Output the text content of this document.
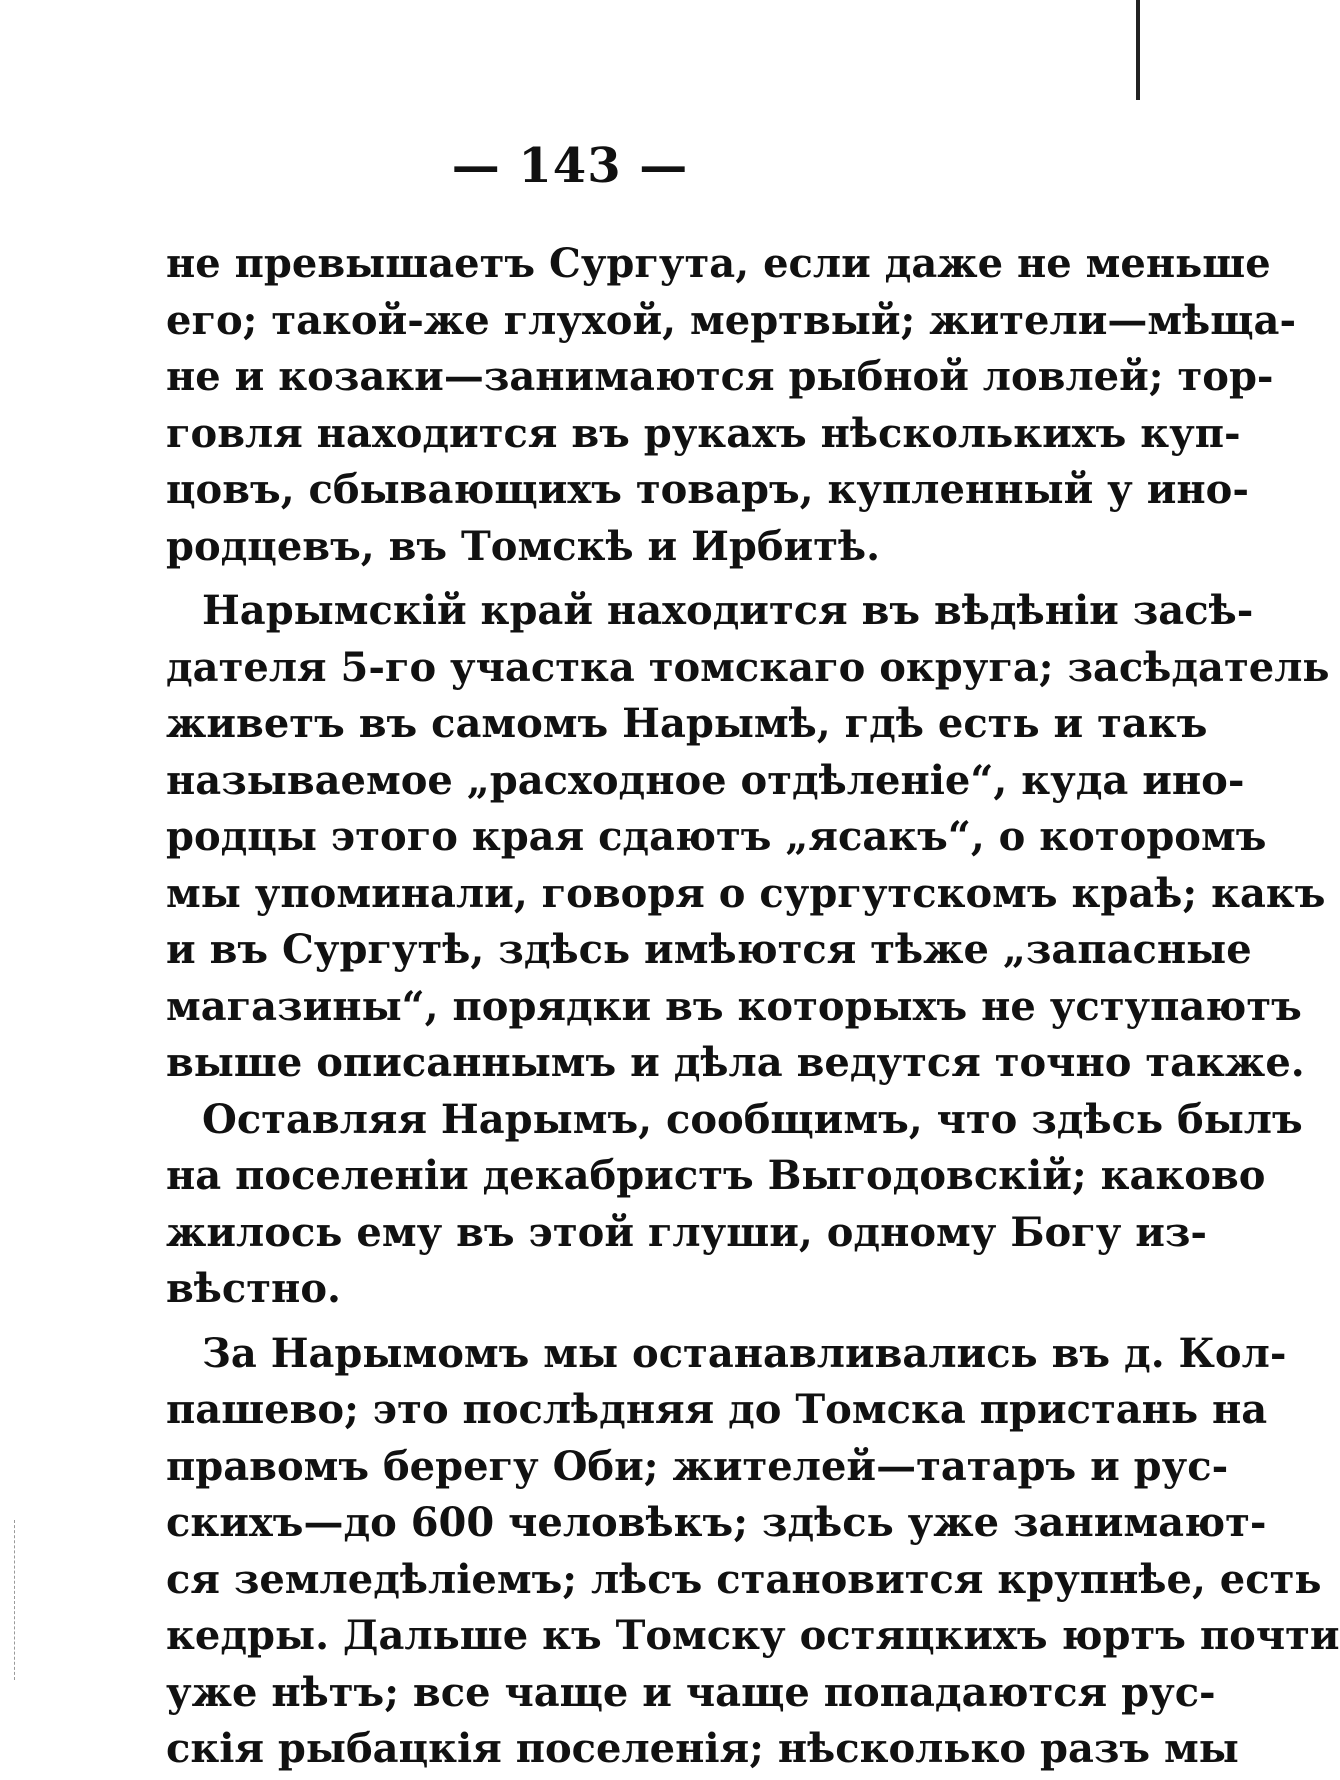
— 143 —
не превышаетъ Сургута, если даже не меньше
его; такой-же глухой, мертвый; жители—мѣща-
не и козаки—занимаются рыбной ловлей; тор-
говля находится въ рукахъ нѣсколькихъ куп-
цовъ, сбывающихъ товаръ, купленный у ино-
родцевъ, въ Томскѣ и Ирбитѣ.
Нарымскій край находится въ вѣдѣніи засѣ-
дателя 5-го участка томскаго округа; засѣдатель
живетъ въ самомъ Нарымѣ, гдѣ есть и такъ
называемое „расходное отдѣленіе“, куда ино-
родцы этого края сдаютъ „ясакъ“, о которомъ
мы упоминали, говоря о сургутскомъ краѣ; какъ
и въ Сургутѣ, здѣсь имѣются тѣже „запасные
магазины“, порядки въ которыхъ не уступаютъ
выше описаннымъ и дѣла ведутся точно также.
Оставляя Нарымъ, сообщимъ, что здѣсь былъ
на поселеніи декабристъ Выгодовскій; каково
жилось ему въ этой глуши, одному Богу из-
вѣстно.
За Нарымомъ мы останавливались въ д. Кол-
пашево; это послѣдняя до Томска пристань на
правомъ берегу Оби; жителей—татаръ и рус-
скихъ—до 600 человѣкъ; здѣсь уже занимают-
ся земледѣліемъ; лѣсъ становится крупнѣе, есть
кедры. Дальше къ Томску остяцкихъ юртъ почти
уже нѣтъ; все чаще и чаще попадаются рус-
скія рыбацкія поселенія; нѣсколько разъ мы
